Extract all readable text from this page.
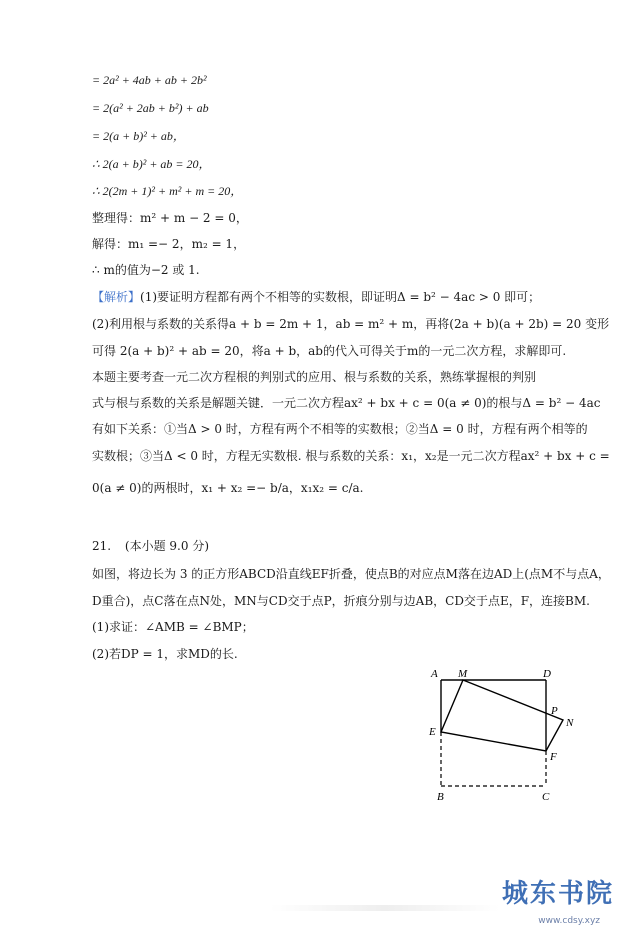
= 2a² + 4ab + ab + 2b²
= 2(a² + 2ab + b²) + ab
= 2(a + b)² + ab，
∴ 2(a + b)² + ab = 20，
∴ 2(2m + 1)² + m² + m = 20，
整理得：m² + m − 2 = 0，
解得：m₁ =− 2，m₂ = 1，
∴ m的值为−2 或 1.
【解析】(1)要证明方程都有两个不相等的实数根，即证明Δ = b² − 4ac > 0 即可；
(2)利用根与系数的关系得a + b = 2m + 1，ab = m² + m，再将(2a + b)(a + 2b) = 20 变形
可得 2(a + b)² + ab = 20，将a + b，ab的代入可得关于m的一元二次方程，求解即可.
本题主要考查一元二次方程根的判别式的应用、根与系数的关系，熟练掌握根的判别
式与根与系数的关系是解题关键．一元二次方程ax² + bx + c = 0(a ≠ 0)的根与Δ = b² − 4ac
有如下关系：①当Δ > 0 时，方程有两个不相等的实数根；②当Δ = 0 时，方程有两个相等的
实数根；③当Δ < 0 时，方程无实数根. 根与系数的关系：x₁，x₂是一元二次方程ax² + bx + c =
0(a ≠ 0)的两根时，x₁ + x₂ =− b/a，x₁x₂ = c/a.
21. (本小题 9.0 分)
如图，将边长为 3 的正方形ABCD沿直线EF折叠，使点B的对应点M落在边AD上(点M不与点A，
D重合)，点C落在点N处，MN与CD交于点P，折痕分别与边AB，CD交于点E，F，连接BM.
(1)求证：∠AMB = ∠BMP；
(2)若DP = 1，求MD的长.
A M	D
P
N
E
F
B	C
城东书院
www.cdsy.xyz
